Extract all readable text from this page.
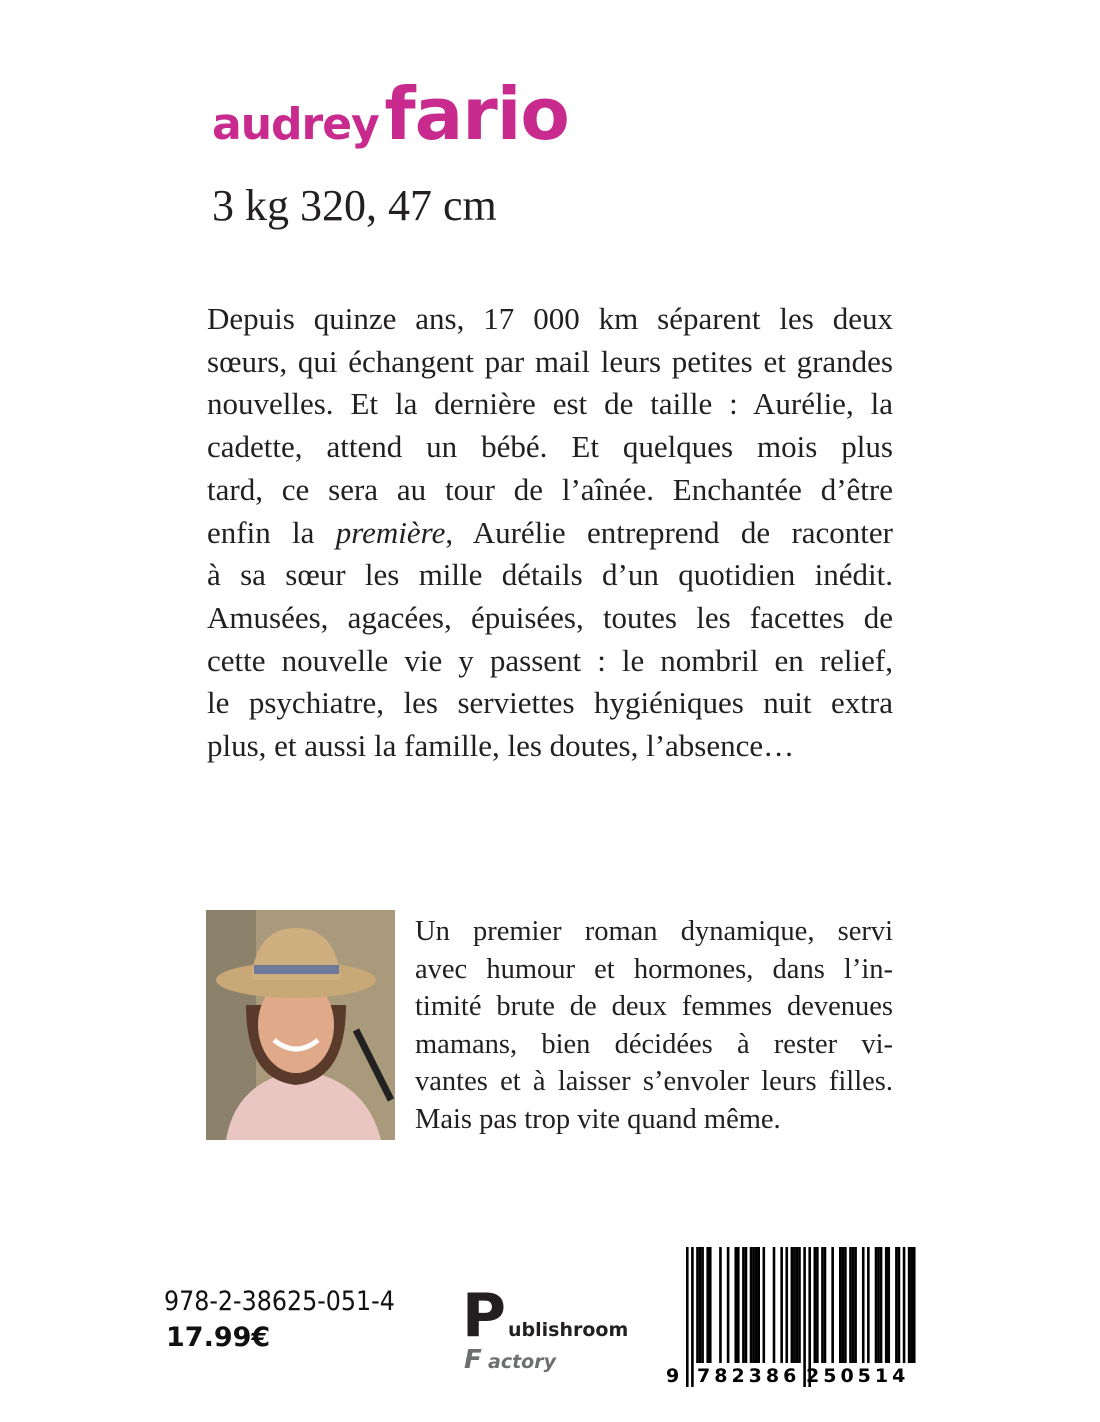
audrey fario
3 kg 320, 47 cm
Depuis quinze ans, 17 000 km séparent les deux
sœurs, qui échangent par mail leurs petites et grandes
nouvelles. Et la dernière est de taille : Aurélie, la
cadette, attend un bébé. Et quelques mois plus
tard, ce sera au tour de l’aînée. Enchantée d’être
enfin la première, Aurélie entreprend de raconter
à sa sœur les mille détails d’un quotidien inédit.
Amusées, agacées, épuisées, toutes les facettes de
cette nouvelle vie y passent : le nombril en relief,
le psychiatre, les serviettes hygiéniques nuit extra
plus, et aussi la famille, les doutes, l’absence…
Un premier roman dynamique, servi
avec humour et hormones, dans l’in-
timité brute de deux femmes devenues
mamans, bien décidées à rester vi-
vantes et à laisser s’envoler leurs filles.
Mais pas trop vite quand même.
978-2-38625-051-4
17.99€	P ublishroom
F actory
9 782386 250514
